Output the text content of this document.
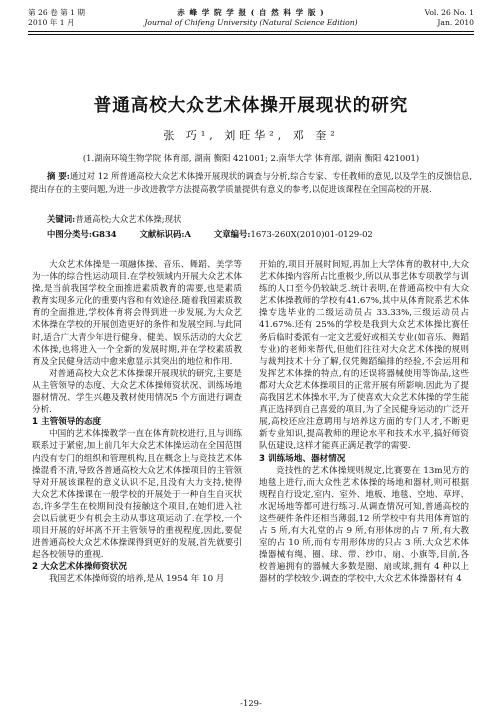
第 26 卷 第 1 期
2010 年 1 月
赤 峰 学 院 学 报 ( 自 然 科 学 版 )
Journal of Chifeng University (Natural Science Edition)
Vol. 26 No. 1
Jan. 2010
普通高校大众艺术体操开展现状的研究
张 巧¹, 刘旺华², 邓 奎²
(1.湖南环境生物学院 体育部, 湖南 衡阳 421001; 2.南华大学 体育部, 湖南 衡阳 421001)
摘 要:通过对 12 所普通高校大众艺术体操开展现状的调查与分析,综合专家、专任教师的意见,以及学生的反馈信息,提出存在的主要问题,为进一步改进教学方法提高教学质量提供有意义的参考,以促进该课程在全国高校的开展.
关键词:普通高校;大众艺术体操;现状
中图分类号:G834	文献标识码:A	文章编号:1673-260X(2010)01-0129-02

大众艺术体操是一项融体操、音乐、舞蹈、美学等为一体的综合性运动项目.在学校领域内开展大众艺术体操,是当前我国学校全面推进素质教育的需要,也是素质教育实现多元化的重要内容和有效途径.随着我国素质教育的全面推进,学校体育将会得到进一步发展,为大众艺术体操在学校的开展创造更好的条件和发展空间.与此同时,适合广大青少年进行健身、健美、娱乐活动的大众艺术体操,也将进入一个全新的发展时期,并在学校素质教育及全民健身活动中愈来愈显示其突出的地位和作用.

对普通高校大众艺术体操课开展现状的研究,主要是从主管领导的态度、大众艺术体操师资状况、训练场地器材情况、学生兴趣及教材使用情况5 个方面进行调查分析.

1 主管领导的态度

中国的艺术体操教学一直在体育院校进行,且与训练联系过于紧密,加上前几年大众艺术体操运动在全国范围内没有专门的组织和管理机构,且在概念上与竞技艺术体操混肴不清,导致各普通高校大众艺术体操项目的主管领导对开展该课程的意义认识不足,且没有大力支持,使得大众艺术体操课在一般学校的开展处于一种自生自灭状态,许多学生在校期间没有接触这个项目,在她们进入社会以后就更少有机会主动从事这项运动了.在学校,一个项目开展的好坏离不开主管领导的重视程度,因此,要促进普通高校大众艺术体操课得到更好的发展,首先就要引起各校领导的重视.

2 大众艺术体操师资状况

我国艺术体操师资的培养,是从 1954 年 10 月

开始的,项目开展时间短,再加上大学体育的教材中,大众艺术体操内容所占比重极少,所以从事艺体专项教学与训练的人口至今仍较缺乏.统计表明,在普通高校中有大众艺术体操教师的学校有41.67%,其中从体育院系艺术体操专选毕业的二级运动员占 33.33%,三级运动员占 41.67%.还有 25%的学校是我到大众艺术体操比赛任务后临时委派有一定文艺爱好或相关专业(如音乐、舞蹈专业)的老师来帮代,但他们往往对大众艺术体操的规则与裁判技术十分了解,仅凭舞蹈编排的经验,不会运用和发挥艺术体操的特点,有的还误将器械使用等饰品,这些都对大众艺术体操项目的正常开展有所影响.因此为了提高我国艺术体操水平,为了使喜欢大众艺术体操的学生能真正选择到自己喜爱的项目,为了全民健身运动的广泛开展,高校还应注意聘用与培养这方面的专门人才,不断更新专业知识,提高教师的理论水平和技术水平,搞好师资队伍建设,这样才能真正满足教学的需要.

3 训练场地、器材情况

竞技性的艺术体操规则规定,比赛要在 13m见方的地毯上进行,而大众性艺术体操的场地和器材,则可根据规程自行设定,室内、室外、地板、地毯、空地、草坪、水泥场地等都可进行练习.从调查情况可知,普通高校的这些硬件条件还相当薄弱,12 所学校中有共用体育馆的占 5 所,有大礼堂的占 9 所,有形体房的占 7 所,有大教室的占 10 所,而有专用形体房的只占 3 所.大众艺术体操器械有绳、圈、球、带、纱巾、扇、小旗等,目前,各校普遍拥有的器械大多数是圈、扇或球,拥有 4 种以上器材的学校较少.调查的学校中,大众艺术体操器材有 4

-129-
